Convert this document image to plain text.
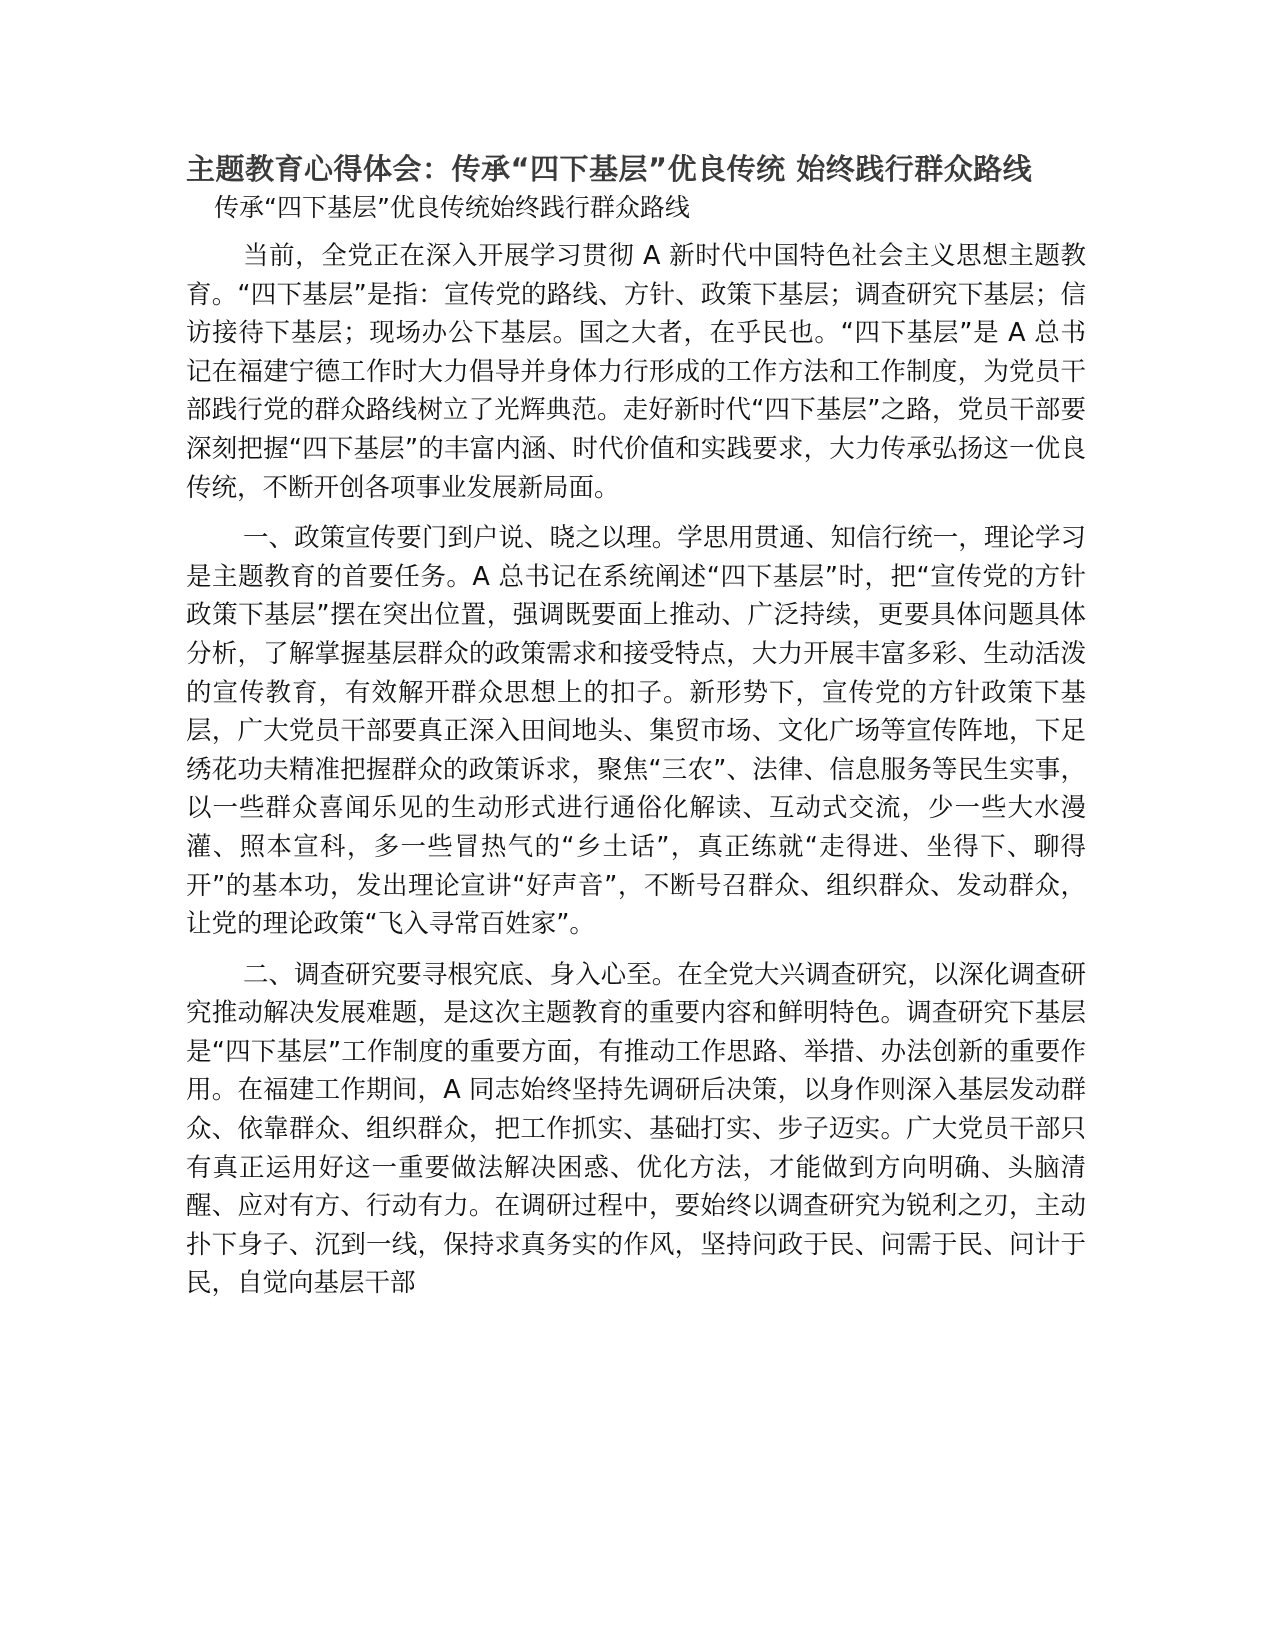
主题教育心得体会：传承“四下基层”优良传统 始终践行群众路线

传承“四下基层”优良传统始终践行群众路线

当前，全党正在深入开展学习贯彻 A 新时代中国特色社会主义思想主题教育。“四下基层”是指：宣传党的路线、方针、政策下基层；调查研究下基层；信访接待下基层；现场办公下基层。国之大者，在乎民也。“四下基层”是 A 总书记在福建宁德工作时大力倡导并身体力行形成的工作方法和工作制度，为党员干部践行党的群众路线树立了光辉典范。走好新时代“四下基层”之路，党员干部要深刻把握“四下基层”的丰富内涵、时代价值和实践要求，大力传承弘扬这一优良传统，不断开创各项事业发展新局面。

一、政策宣传要门到户说、晓之以理。学思用贯通、知信行统一，理论学习是主题教育的首要任务。A 总书记在系统阐述“四下基层”时，把“宣传党的方针政策下基层”摆在突出位置，强调既要面上推动、广泛持续，更要具体问题具体分析，了解掌握基层群众的政策需求和接受特点，大力开展丰富多彩、生动活泼的宣传教育，有效解开群众思想上的扣子。新形势下，宣传党的方针政策下基层，广大党员干部要真正深入田间地头、集贸市场、文化广场等宣传阵地，下足绣花功夫精准把握群众的政策诉求，聚焦“三农”、法律、信息服务等民生实事，以一些群众喜闻乐见的生动形式进行通俗化解读、互动式交流，少一些大水漫灌、照本宣科，多一些冒热气的“乡土话”，真正练就“走得进、坐得下、聊得开”的基本功，发出理论宣讲“好声音”，不断号召群众、组织群众、发动群众，让党的理论政策“飞入寻常百姓家”。

二、调查研究要寻根究底、身入心至。在全党大兴调查研究，以深化调查研究推动解决发展难题，是这次主题教育的重要内容和鲜明特色。调查研究下基层是“四下基层”工作制度的重要方面，有推动工作思路、举措、办法创新的重要作用。在福建工作期间，A 同志始终坚持先调研后决策，以身作则深入基层发动群众、依靠群众、组织群众，把工作抓实、基础打实、步子迈实。广大党员干部只有真正运用好这一重要做法解决困惑、优化方法，才能做到方向明确、头脑清醒、应对有方、行动有力。在调研过程中，要始终以调查研究为锐利之刃，主动扑下身子、沉到一线，保持求真务实的作风，坚持问政于民、问需于民、问计于民，自觉向基层干部
